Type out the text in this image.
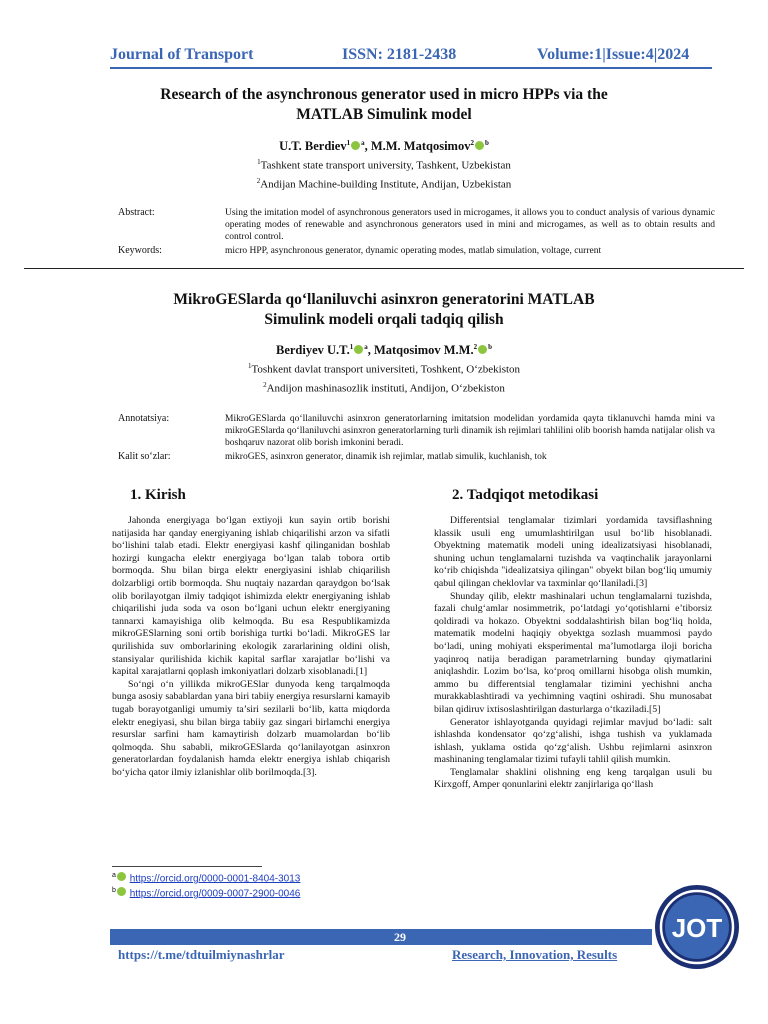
Journal of Transport	ISSN: 2181-2438	Volume:1|Issue:4|2024
Research of the asynchronous generator used in micro HPPs via the
MATLAB Simulink model
U.T. Berdiev$^1$ $^a$, M.M. Matqosimov$^2$ $^b$
$^1$Tashkent state transport university, Tashkent, Uzbekistan
$^2$Andijan Machine-building Institute, Andijan, Uzbekistan
Abstract:	Using the imitation model of asynchronous generators used in microgames, it allows you to conduct analysis of various dynamic operating modes of renewable and asynchronous generators used in mini and microgames, as well as to obtain results and control control.
Keywords:	micro HPP, asynchronous generator, dynamic operating modes, matlab simulation, voltage, current
MikroGESlarda qo‘llaniluvchi asinxron generatorini MATLAB
Simulink modeli orqali tadqiq qilish
Berdiyev U.T.$^1$ $^a$, Matqosimov M.M.$^2$ $^b$
$^1$Toshkent davlat transport universiteti, Toshkent, O‘zbekiston
$^2$Andijon mashinasozlik instituti, Andijon, O‘zbekiston
Annotatsiya:	MikroGESlarda qo‘llaniluvchi asinxron generatorlarning imitatsion modelidan yordamida qayta tiklanuvchi hamda mini va mikroGESlarda qo‘llaniluvchi asinxron generatorlarning turli dinamik ish rejimlari tahlilini olib boorish hamda natijalar olish va boshqaruv nazorat olib borish imkonini beradi.
Kalit so‘zlar:	mikroGES, asinxron generator, dinamik ish rejimlar, matlab simulik, kuchlanish, tok
1. Kirish	2. Tadqiqot metodikasi

Jahonda energiyaga bo‘lgan extiyoji kun sayin ortib borishi natijasida har qanday energiyaning ishlab chiqarilishi arzon va sifatli bo‘lishini talab etadi. Elektr energiyasi kashf qilinganidan boshlab hozirgi kungacha elektr energiyaga bo‘lgan talab tobora ortib bormoqda. Shu bilan birga elektr energiyasini ishlab chiqarilish dolzarbligi ortib bormoqda. Shu nuqtaiy nazardan qaraydgon bo‘lsak olib borilayotgan ilmiy tadqiqot ishimizda elektr energiyaning ishlab chiqarilishi juda soda va oson bo‘lgani uchun elektr energiyaning tannarxi kamayishiga olib kelmoqda. Bu esa Respublikamizda mikroGESlarning soni ortib borishiga turtki bo‘ladi. MikroGES lar qurilishida suv omborlarining ekologik zararlarining oldini olish, stansiyalar qurilishida kichik kapital sarflar xarajatlar bo‘lishi va kapital xarajatlarni qoplash imkoniyatlari dolzarb xisoblanadi.[1]

So‘ngi o‘n yillikda mikroGESlar dunyoda keng tarqalmoqda bunga asosiy sabablardan yana biri tabiiy energiya resurslarni kamayib tugab borayotganligi umumiy ta’siri sezilarli bo‘lib, katta miqdorda elektr enegiyasi, shu bilan birga tabiiy gaz singari birlamchi energiya resurslar sarfini ham kamaytirish dolzarb muamolardan bo‘lib qolmoqda. Shu sababli, mikroGESlarda qo‘lanilayotgan asinxron generatorlardan foydalanish hamda elektr energiya ishlab chiqarish bo‘yicha qator ilmiy izlanishlar olib borilmoqda.[3].

Differentsial tenglamalar tizimlari yordamida tavsiflashning klassik usuli eng umumlashtirilgan usul bo‘lib hisoblanadi. Obyektning matematik modeli uning idealizatsiyasi hisoblanadi, shuning uchun tenglamalarni tuzishda va vaqtinchalik jarayonlarni ko‘rib chiqishda "idealizatsiya qilingan" obyekt bilan bog‘liq umumiy qabul qilingan cheklovlar va taxminlar qo‘llaniladi.[3]

Shunday qilib, elektr mashinalari uchun tenglamalarni tuzishda, fazali chulg‘amlar nosimmetrik, po‘latdagi yo‘qotishlarni e’tiborsiz qoldiradi va hokazo. Obyektni soddalashtirish bilan bog‘liq holda, matematik modelni haqiqiy obyektga sozlash muammosi paydo bo‘ladi, uning mohiyati eksperimental ma’lumotlarga iloji boricha yaqinroq natija beradigan parametrlarning bunday qiymatlarini aniqlashdir. Lozim bo‘lsa, ko‘proq omillarni hisobga olish mumkin, ammo bu differentsial tenglamalar tizimini yechishni ancha murakkablashtiradi va yechimning vaqtini oshiradi. Shu munosabat bilan qidiruv ixtisoslashtirilgan dasturlarga o‘tkaziladi.[5]

Generator ishlayotganda quyidagi rejimlar mavjud bo‘ladi: salt ishlashda kondensator qo‘zg‘alishi, ishga tushish va yuklamada ishlash, yuklama ostida qo‘zg‘alish. Ushbu rejimlarni asinxron mashinaning tenglamalar tizimi tufayli tahlil qilish mumkin.

Tenglamalar shaklini olishning eng keng tarqalgan usuli bu Kirxgoff, Amper qonunlarini elektr zanjirlariga qo‘llash

$^a$ https://orcid.org/0000-0001-8404-3013
$^b$ https://orcid.org/0009-0007-2900-0046
29	December, 2024
https://t.me/tdtuilmiynashrlar	Research, Innovation, Results
JOT
